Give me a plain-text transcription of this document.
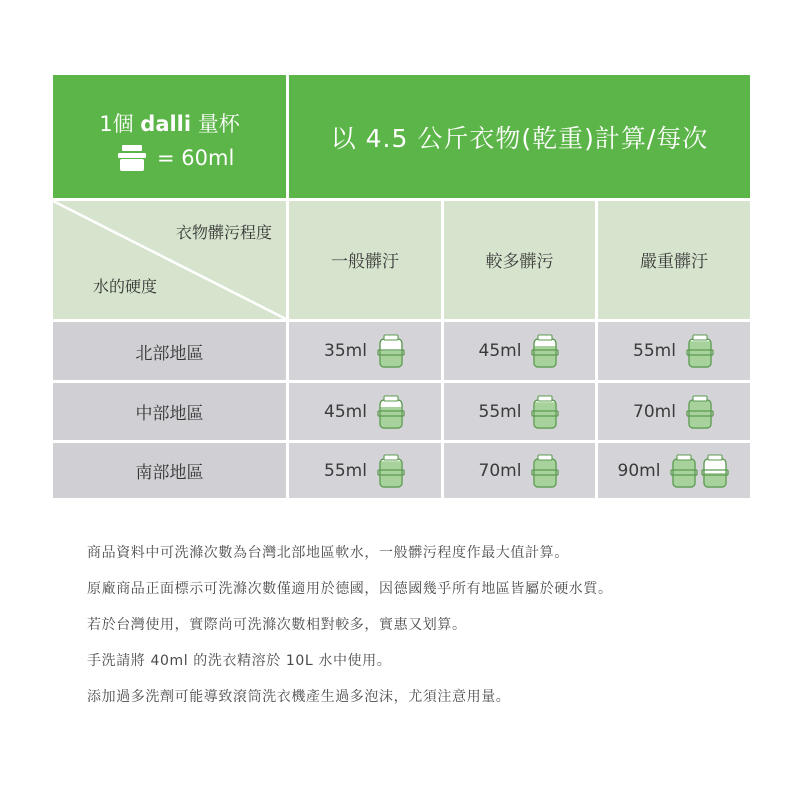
1個 dalli 量杯
= 60ml
以 4.5 公斤衣物(乾重)計算/每次
衣物髒污程度
水的硬度
一般髒汙	較多髒污	嚴重髒汙
北部地區	35ml	45ml	55ml
中部地區	45ml	55ml	70ml
南部地區	55ml	70ml	90ml
商品資料中可洗滌次數為台灣北部地區軟水，一般髒污程度作最大值計算。
原廠商品正面標示可洗滌次數僅適用於德國，因德國幾乎所有地區皆屬於硬水質。
若於台灣使用，實際尚可洗滌次數相對較多，實惠又划算。
手洗請將 40ml 的洗衣精溶於 10L 水中使用。
添加過多洗劑可能導致滾筒洗衣機產生過多泡沫，尤須注意用量。
